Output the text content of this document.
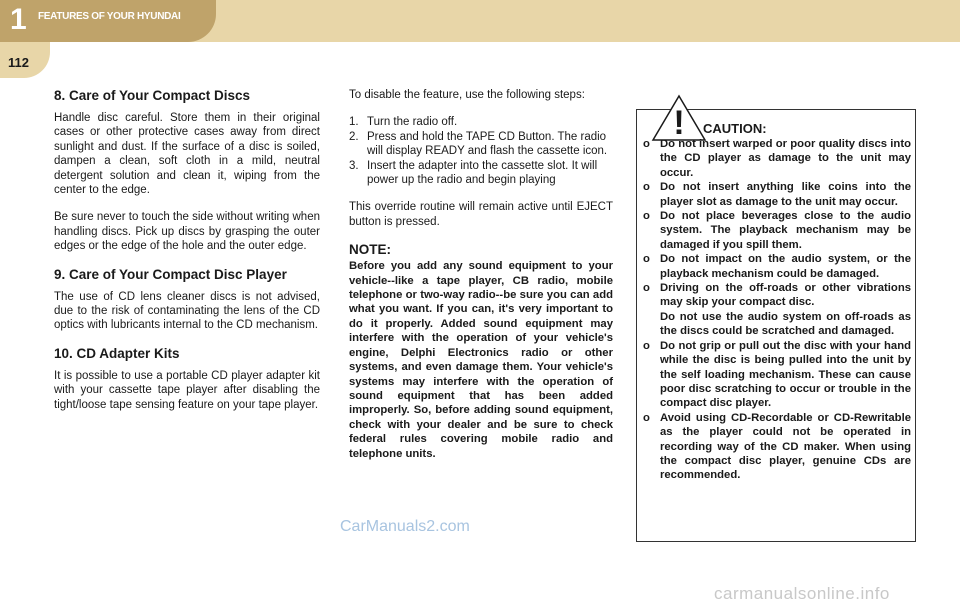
1 FEATURES OF YOUR HYUNDAI
112
8. Care of Your Compact Discs

Handle disc careful. Store them in their original cases or other protective cases away from direct sunlight and dust. If the surface of a disc is soiled, dampen a clean, soft cloth in a mild, neutral detergent solution and clean it, wiping from the center to the edge.

Be sure never to touch the side without writing when handling discs. Pick up discs by grasping the outer edges or the edge of the hole and the outer edge.

9. Care of Your Compact Disc Player

The use of CD lens cleaner discs is not advised, due to the risk of contaminating the lens of the CD optics with lubricants internal to the CD mechanism.

10. CD Adapter Kits

It is possible to use a portable CD player adapter kit with your cassette tape player after disabling the tight/loose tape sensing feature on your tape player.

To disable the feature, use the following steps:

1. Turn the radio off.
2. Press and hold the TAPE CD Button. The radio will display READY and flash the cassette icon.
3. Insert the adapter into the cassette slot. It will power up the radio and begin playing

This override routine will remain active until EJECT button is pressed.

NOTE:

Before you add any sound equipment to your vehicle--like a tape player, CB radio, mobile telephone or two-way radio--be sure you can add what you want. If you can, it's very important to do it properly. Added sound equipment may interfere with the operation of your vehicle's engine, Delphi Electronics radio or other systems, and even damage them. Your vehicle's systems may interfere with the operation of sound equipment that has been added improperly. So, before adding sound equipment, check with your dealer and be sure to check federal rules covering mobile radio and telephone units.

! CAUTION:
o Do not insert warped or poor quality discs into the CD player as damage to the unit may occur.
o Do not insert anything like coins into the player slot as damage to the unit may occur.
o Do not place beverages close to the audio system. The playback mechanism may be damaged if you spill them.
o Do not impact on the audio system, or the playback mechanism could be damaged.
o Driving on the off-roads or other vibrations may skip your compact disc.
Do not use the audio system on off-roads as the discs could be scratched and damaged.
o Do not grip or pull out the disc with your hand while the disc is being pulled into the unit by the self loading mechanism. These can cause poor disc scratching to occur or trouble in the compact disc player.
o Avoid using CD-Recordable or CD-Rewritable as the player could not be operated in recording way of the CD maker. When using the compact disc player, genuine CDs are recommended.
CarManuals2.com
carmanualsonline.info
